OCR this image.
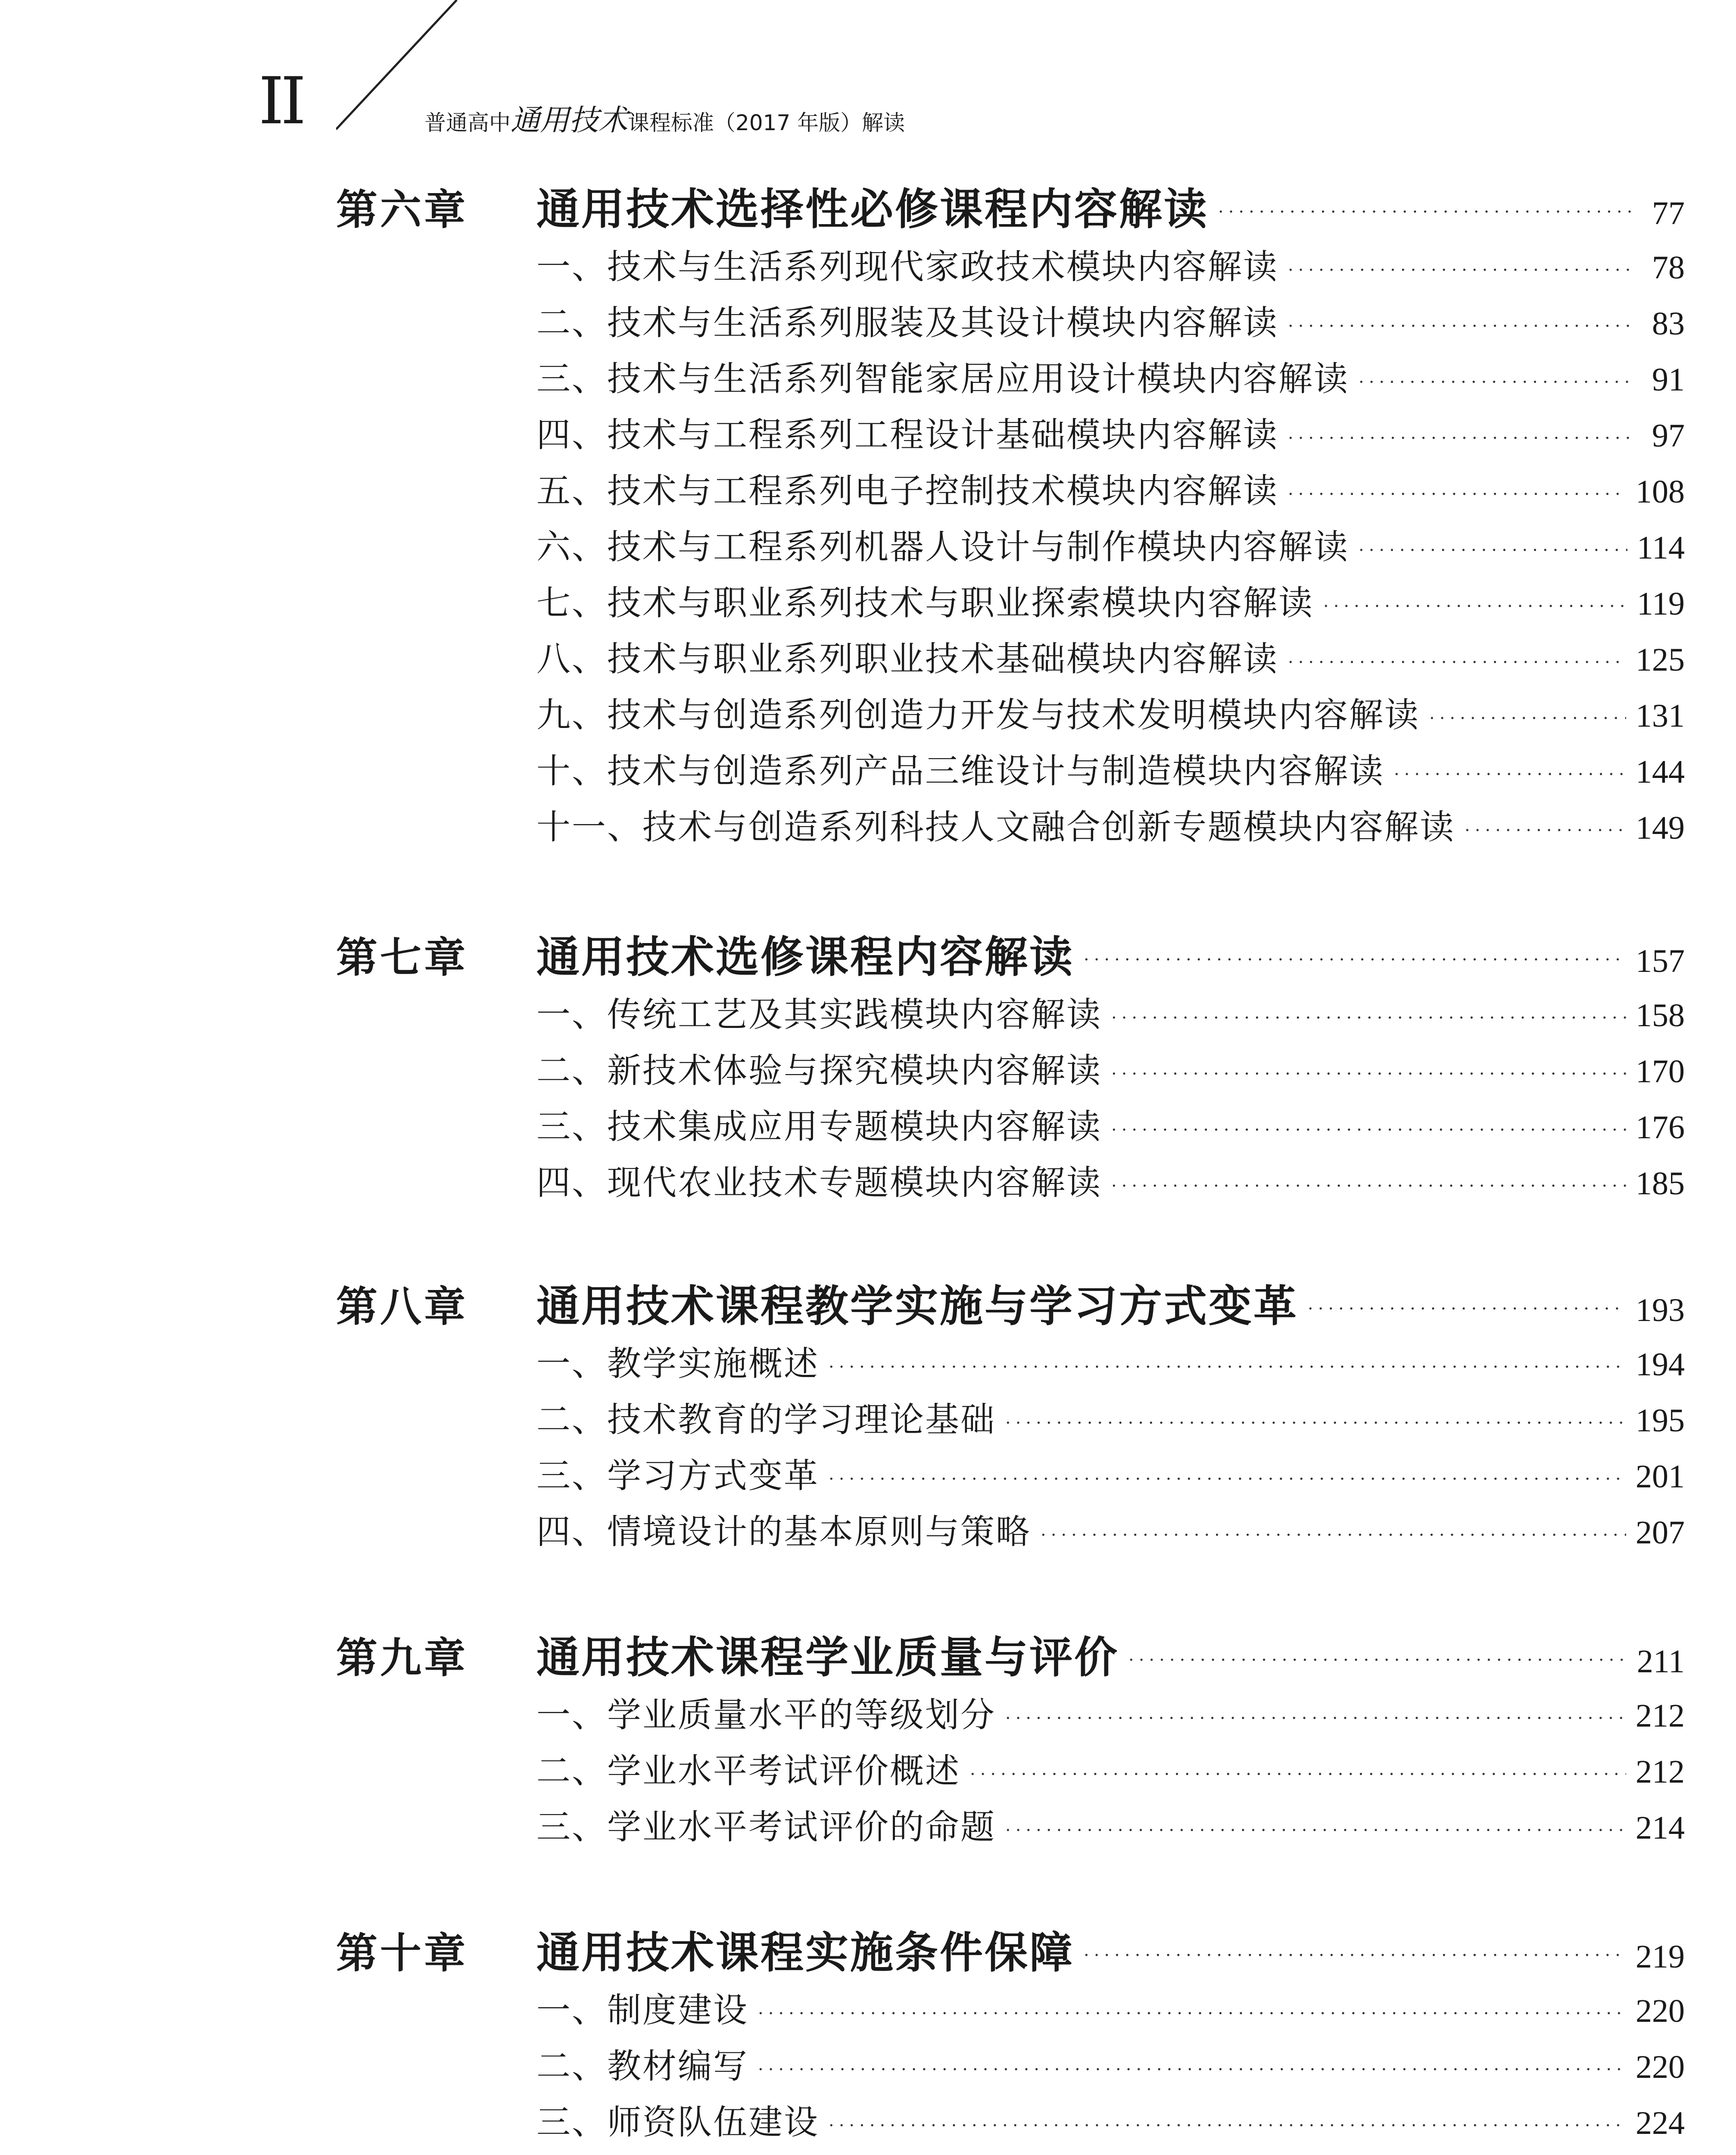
II	普通高中通用技术课程标准（2017 年版）解读
第六章	通用技术选择性必修课程内容解读 .....	77
一、技术与生活系列现代家政技术模块内容解读 .....	78
二、技术与生活系列服装及其设计模块内容解读 .....	83
三、技术与生活系列智能家居应用设计模块内容解读 .....	91
四、技术与工程系列工程设计基础模块内容解读 .....	97
五、技术与工程系列电子控制技术模块内容解读 .....	108
六、技术与工程系列机器人设计与制作模块内容解读 .....	114
七、技术与职业系列技术与职业探索模块内容解读 .....	119
八、技术与职业系列职业技术基础模块内容解读 .....	125
九、技术与创造系列创造力开发与技术发明模块内容解读 .....	131
十、技术与创造系列产品三维设计与制造模块内容解读 .....	144
十一、技术与创造系列科技人文融合创新专题模块内容解读 .....	149
第七章	通用技术选修课程内容解读 .....	157
一、传统工艺及其实践模块内容解读 .....	158
二、新技术体验与探究模块内容解读 .....	170
三、技术集成应用专题模块内容解读 .....	176
四、现代农业技术专题模块内容解读 .....	185
第八章	通用技术课程教学实施与学习方式变革 .....	193
一、教学实施概述 .....	194
二、技术教育的学习理论基础 .....	195
三、学习方式变革 .....	201
四、情境设计的基本原则与策略 .....	207
第九章	通用技术课程学业质量与评价 .....	211
一、学业质量水平的等级划分 .....	212
二、学业水平考试评价概述 .....	212
三、学业水平考试评价的命题 .....	214
第十章	通用技术课程实施条件保障 .....	219
一、制度建设 .....	220
二、教材编写 .....	220
三、师资队伍建设 .....	224
